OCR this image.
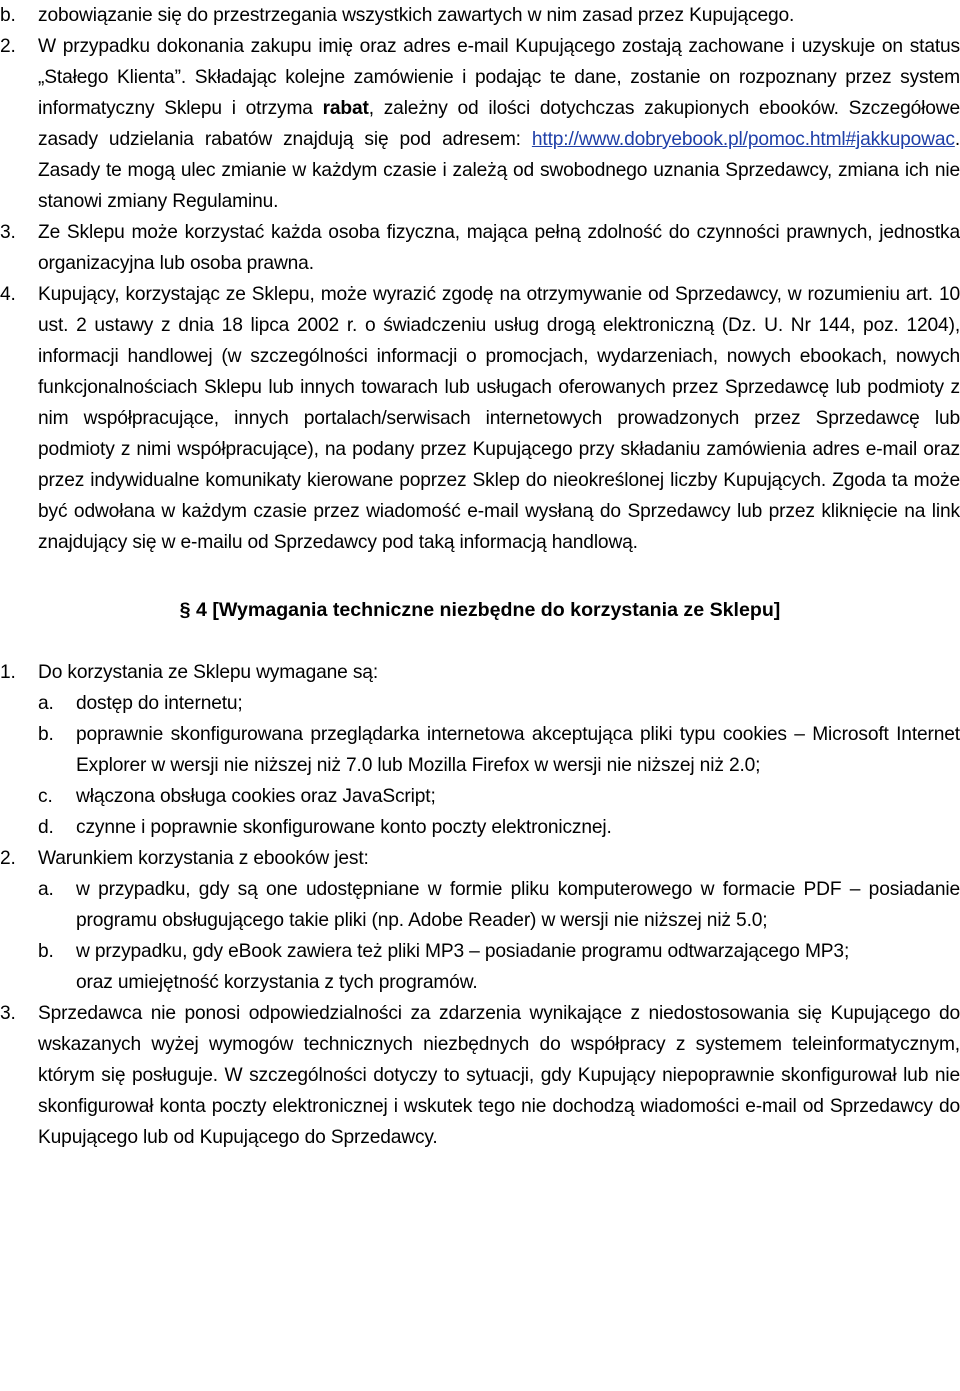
b. zobowiązanie się do przestrzegania wszystkich zawartych w nim zasad przez Kupującego.

2. W przypadku dokonania zakupu imię oraz adres e-mail Kupującego zostają zachowane i uzyskuje on status „Stałego Klienta”. Składając kolejne zamówienie i podając te dane, zostanie on rozpoznany przez system informatyczny Sklepu i otrzyma rabat, zależny od ilości dotychczas zakupionych ebooków. Szczegółowe zasady udzielania rabatów znajdują się pod adresem: http://www.dobryebook.pl/pomoc.html#jakkupowac. Zasady te mogą ulec zmianie w każdym czasie i zależą od swobodnego uznania Sprzedawcy, zmiana ich nie stanowi zmiany Regulaminu.

3. Ze Sklepu może korzystać każda osoba fizyczna, mająca pełną zdolność do czynności prawnych, jednostka organizacyjna lub osoba prawna.

4. Kupujący, korzystając ze Sklepu, może wyrazić zgodę na otrzymywanie od Sprzedawcy, w rozumieniu art. 10 ust. 2 ustawy z dnia 18 lipca 2002 r. o świadczeniu usług drogą elektroniczną (Dz. U. Nr 144, poz. 1204), informacji handlowej (w szczególności informacji o promocjach, wydarzeniach, nowych ebookach, nowych funkcjonalnościach Sklepu lub innych towarach lub usługach oferowanych przez Sprzedawcę lub podmioty z nim współpracujące, innych portalach/serwisach internetowych prowadzonych przez Sprzedawcę lub podmioty z nimi współpracujące), na podany przez Kupującego przy składaniu zamówienia adres e-mail oraz przez indywidualne komunikaty kierowane poprzez Sklep do nieokreślonej liczby Kupujących. Zgoda ta może być odwołana w każdym czasie przez wiadomość e-mail wysłaną do Sprzedawcy lub przez kliknięcie na link znajdujący się w e-mailu od Sprzedawcy pod taką informacją handlową.

§ 4 [Wymagania techniczne niezbędne do korzystania ze Sklepu]

1. Do korzystania ze Sklepu wymagane są:

a. dostęp do internetu;

b. poprawnie skonfigurowana przeglądarka internetowa akceptująca pliki typu cookies – Microsoft Internet Explorer w wersji nie niższej niż 7.0 lub Mozilla Firefox w wersji nie niższej niż 2.0;

c. włączona obsługa cookies oraz JavaScript;

d. czynne i poprawnie skonfigurowane konto poczty elektronicznej.

2. Warunkiem korzystania z ebooków jest:

a. w przypadku, gdy są one udostępniane w formie pliku komputerowego w formacie PDF – posiadanie programu obsługującego takie pliki (np. Adobe Reader) w wersji nie niższej niż 5.0;

b. w przypadku, gdy eBook zawiera też pliki MP3 – posiadanie programu odtwarzającego MP3;

oraz umiejętność korzystania z tych programów.

3. Sprzedawca nie ponosi odpowiedzialności za zdarzenia wynikające z niedostosowania się Kupującego do wskazanych wyżej wymogów technicznych niezbędnych do współpracy z systemem teleinformatycznym, którym się posługuje. W szczególności dotyczy to sytuacji, gdy Kupujący niepoprawnie skonfigurował lub nie skonfigurował konta poczty elektronicznej i wskutek tego nie dochodzą wiadomości e-mail od Sprzedawcy do Kupującego lub od Kupującego do Sprzedawcy.
